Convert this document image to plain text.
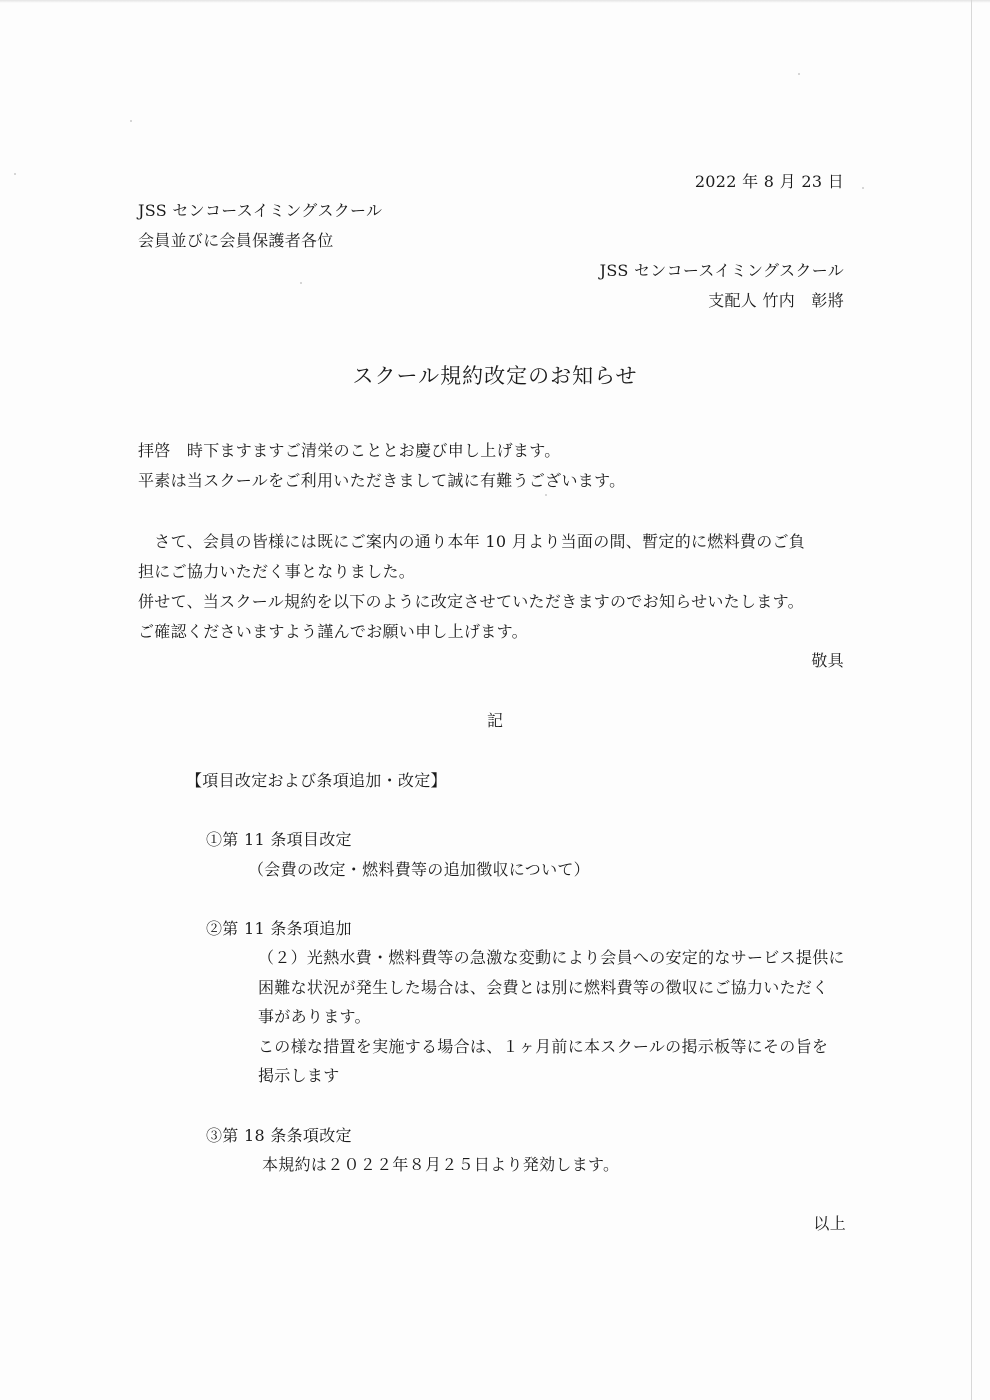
2022 年 8 月 23 日
JSS センコースイミングスクール
会員並びに会員保護者各位
JSS センコースイミングスクール
支配人 竹内　彰將
スクール規約改定のお知らせ
拝啓　時下ますますご清栄のこととお慶び申し上げます。
平素は当スクールをご利用いただきまして誠に有難うございます。
　さて、会員の皆様には既にご案内の通り本年 10 月より当面の間、暫定的に燃料費のご負
担にご協力いただく事となりました。
併せて、当スクール規約を以下のように改定させていただきますのでお知らせいたします。
ご確認くださいますよう謹んでお願い申し上げます。
敬具
記
【項目改定および条項追加・改定】
①第 11 条項目改定
（会費の改定・燃料費等の追加徴収について）
②第 11 条条項追加
（２）光熱水費・燃料費等の急激な変動により会員への安定的なサービス提供に
困難な状況が発生した場合は、会費とは別に燃料費等の徴収にご協力いただく
事があります。
この様な措置を実施する場合は、１ヶ月前に本スクールの掲示板等にその旨を
掲示します
③第 18 条条項改定
本規約は２０２２年８月２５日より発効します。
以上
